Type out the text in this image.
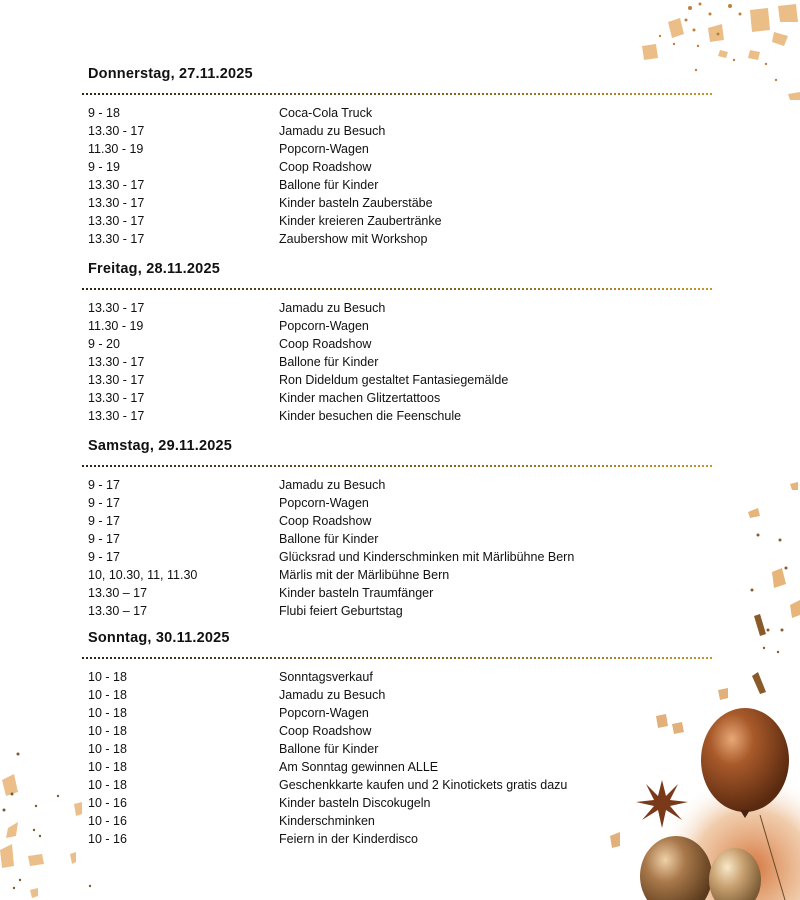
Donnerstag, 27.11.2025
9 - 18	Coca-Cola Truck
13.30 - 17	Jamadu zu Besuch
11.30 - 19	Popcorn-Wagen
9 - 19	Coop Roadshow
13.30 - 17	Ballone für Kinder
13.30 - 17	Kinder basteln Zauberstäbe
13.30 - 17	Kinder kreieren Zaubertränke
13.30 - 17	Zaubershow mit Workshop
Freitag, 28.11.2025
13.30 - 17	Jamadu zu Besuch
11.30 - 19	Popcorn-Wagen
9 - 20	Coop Roadshow
13.30 - 17	Ballone für Kinder
13.30 - 17	Ron Dideldum gestaltet Fantasiegemälde
13.30 - 17	Kinder machen Glitzertattoos
13.30 - 17	Kinder besuchen die Feenschule
Samstag, 29.11.2025
9 - 17	Jamadu zu Besuch
9 - 17	Popcorn-Wagen
9 - 17	Coop Roadshow
9 - 17	Ballone für Kinder
9 - 17	Glücksrad und Kinderschminken mit Märlibühne Bern
10, 10.30, 11, 11.30	Märlis mit der Märlibühne Bern
13.30 – 17	Kinder basteln Traumfänger
13.30 – 17	Flubi feiert Geburtstag
Sonntag, 30.11.2025
10 - 18	Sonntagsverkauf
10 - 18	Jamadu zu Besuch
10 - 18	Popcorn-Wagen
10 - 18	Coop Roadshow
10 - 18	Ballone für Kinder
10 - 18	Am Sonntag gewinnen ALLE
10 - 18	Geschenkkarte kaufen und 2 Kinotickets gratis dazu
10 - 16	Kinder basteln Discokugeln
10 - 16	Kinderschminken
10 - 16	Feiern in der Kinderdisco
